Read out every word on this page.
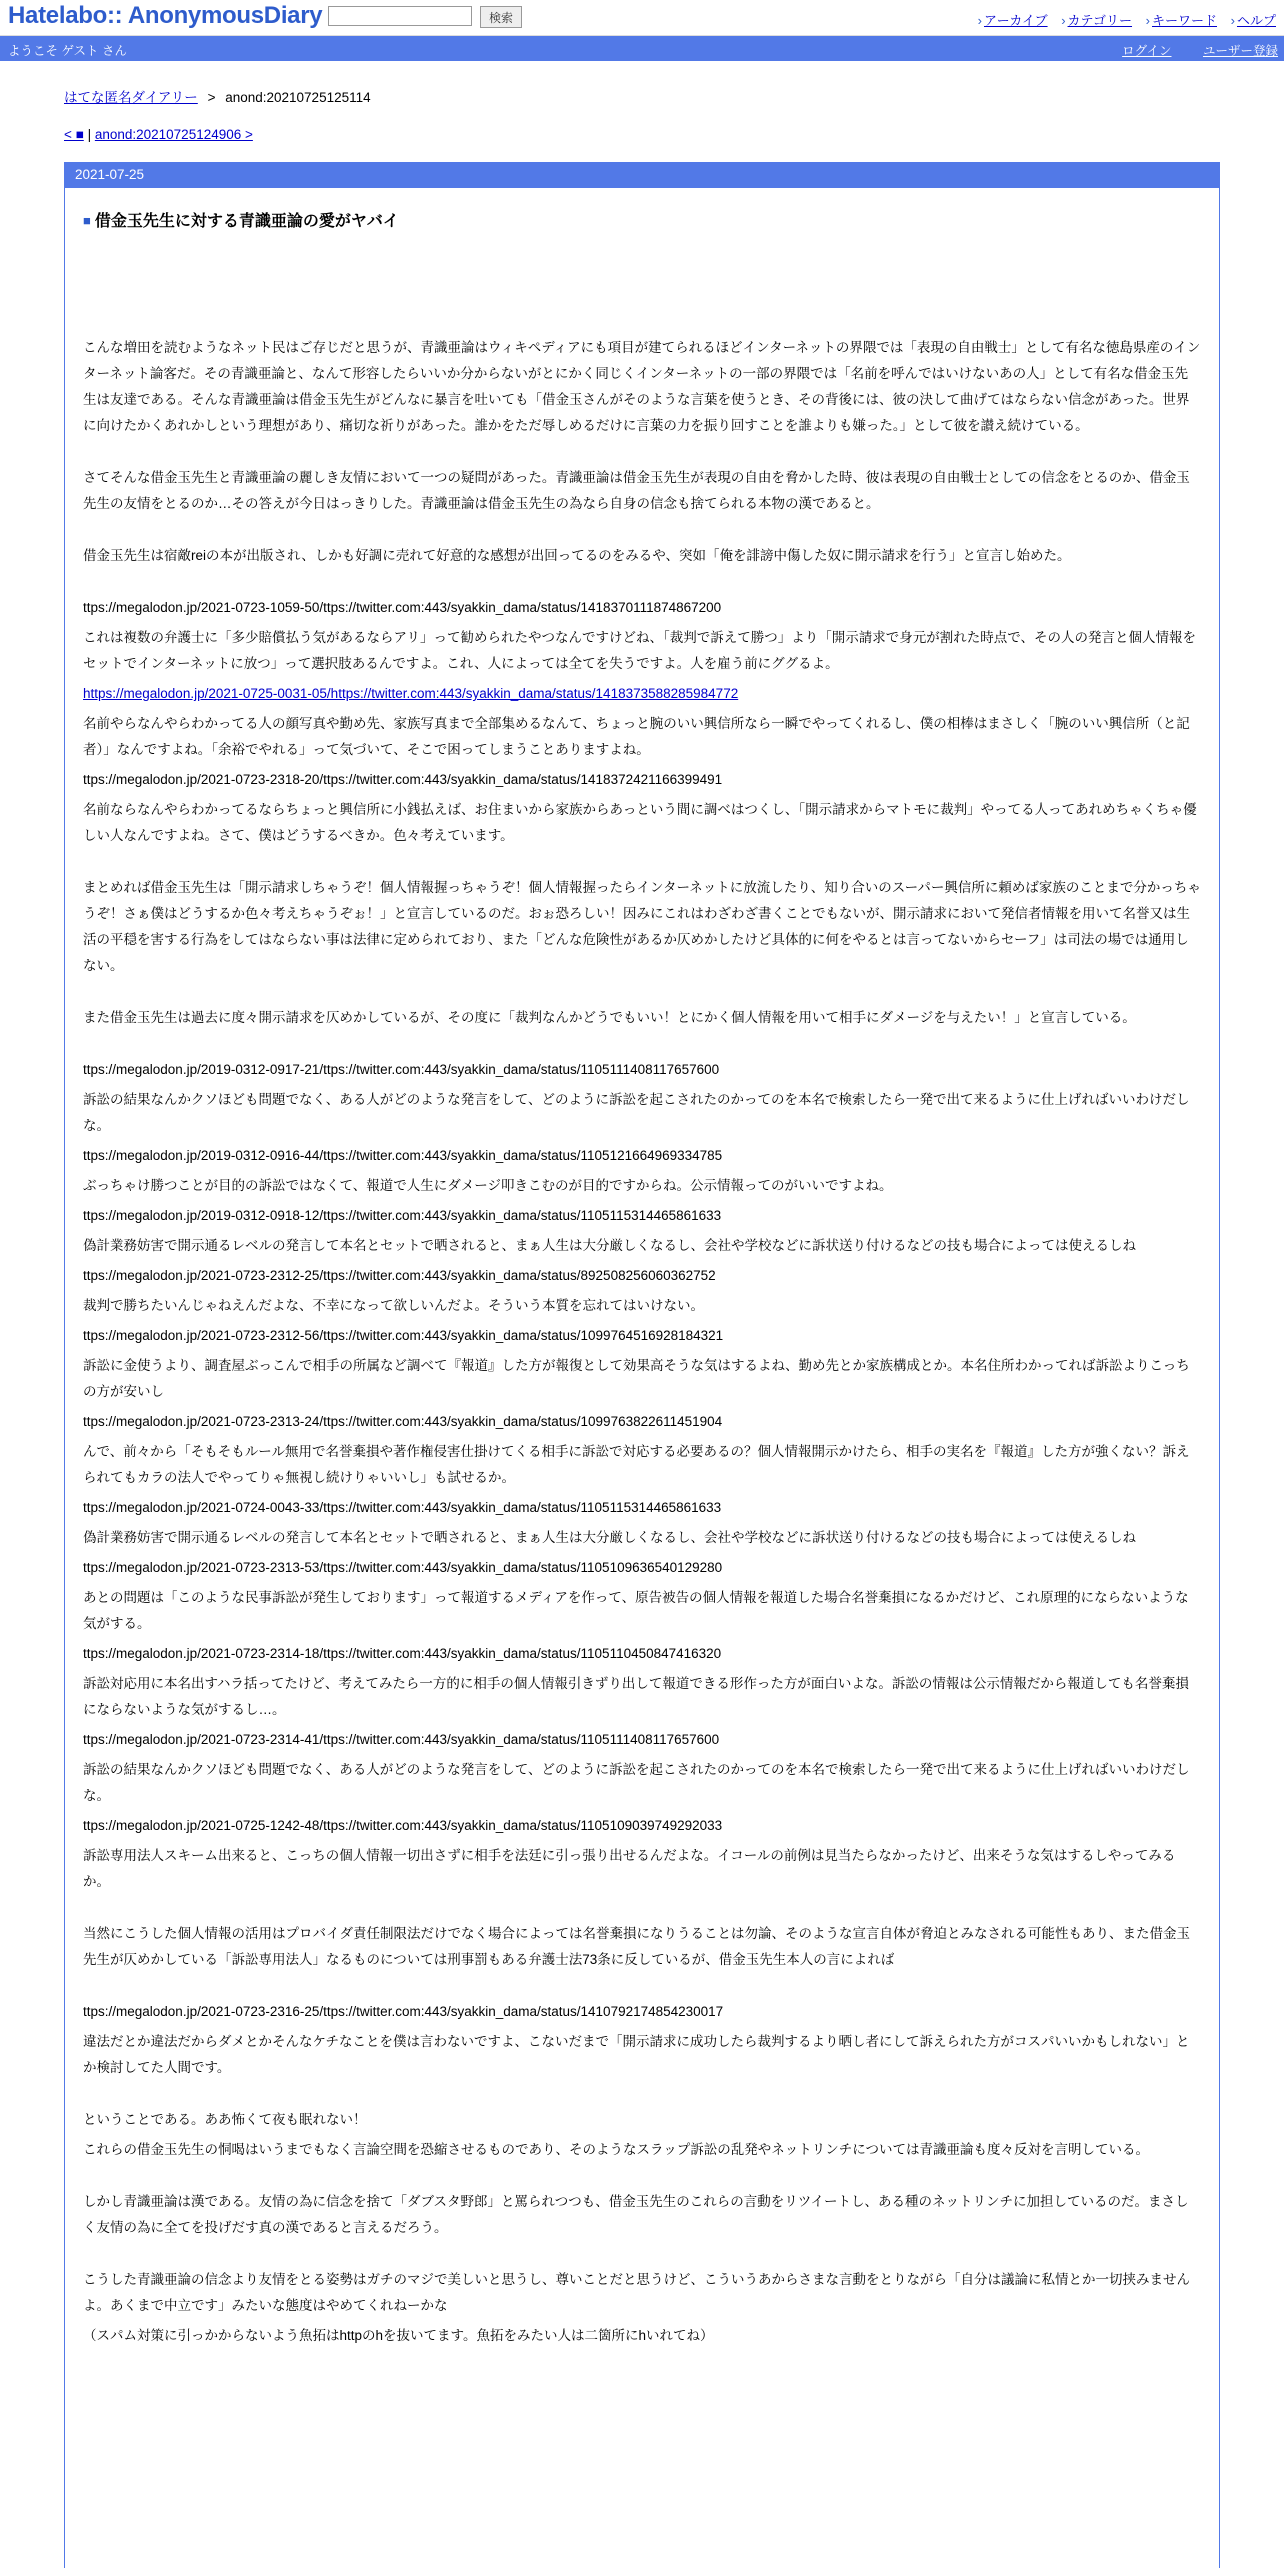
Hatelabo:: AnonymousDiary	検索	› アーカイブ › カテゴリー › キーワード › ヘルプ
ようこそ ゲスト さん	ログイン	ユーザー登録
はてな匿名ダイアリー > anond:20210725125114
< ■ | anond:20210725124906 >
2021-07-25
■ 借金玉先生に対する青識亜論の愛がヤバイ

こんな増田を読むようなネット民はご存じだと思うが、青識亜論はウィキペディアにも項目が建てられるほどインターネットの界隈では「表現の自由戦士」として有名な徳島県産のインターネット論客だ。その青識亜論と、なんて形容したらいいか分からないがとにかく同じくインターネットの一部の界隈では「名前を呼んではいけないあの人」として有名な借金玉先生は友達である。そんな青識亜論は借金玉先生がどんなに暴言を吐いても「借金玉さんがそのような言葉を使うとき、その背後には、彼の決して曲げてはならない信念があった。世界に向けたかくあれかしという理想があり、痛切な祈りがあった。誰かをただ辱しめるだけに言葉の力を振り回すことを誰よりも嫌った。」として彼を讃え続けている。

さてそんな借金玉先生と青識亜論の麗しき友情において一つの疑問があった。青識亜論は借金玉先生が表現の自由を脅かした時、彼は表現の自由戦士としての信念をとるのか、借金玉先生の友情をとるのか…その答えが今日はっきりした。青識亜論は借金玉先生の為なら自身の信念も捨てられる本物の漢であると。

借金玉先生は宿敵reiの本が出版され、しかも好調に売れて好意的な感想が出回ってるのをみるや、突如「俺を誹謗中傷した奴に開示請求を行う」と宣言し始めた。

ttps://megalodon.jp/2021-0723-1059-50/ttps://twitter.com:443/syakkin_dama/status/1418370111874867200

これは複数の弁護士に「多少賠償払う気があるならアリ」って勧められたやつなんですけどね、「裁判で訴えて勝つ」より「開示請求で身元が割れた時点で、その人の発言と個人情報をセットでインターネットに放つ」って選択肢あるんですよ。これ、人によっては全てを失うですよ。人を雇う前にググるよ。

https://megalodon.jp/2021-0725-0031-05/https://twitter.com:443/syakkin_dama/status/1418373588285984772

名前やらなんやらわかってる人の顔写真や勤め先、家族写真まで全部集めるなんて、ちょっと腕のいい興信所なら一瞬でやってくれるし、僕の相棒はまさしく「腕のいい興信所（と記者）」なんですよね。「余裕でやれる」って気づいて、そこで困ってしまうことありますよね。

ttps://megalodon.jp/2021-0723-2318-20/ttps://twitter.com:443/syakkin_dama/status/1418372421166399491

名前ならなんやらわかってるならちょっと興信所に小銭払えば、お住まいから家族からあっという間に調べはつくし、「開示請求からマトモに裁判」やってる人ってあれめちゃくちゃ優しい人なんですよね。さて、僕はどうするべきか。色々考えています。

まとめれば借金玉先生は「開示請求しちゃうぞ！個人情報握っちゃうぞ！個人情報握ったらインターネットに放流したり、知り合いのスーパー興信所に頼めば家族のことまで分かっちゃうぞ！さぁ僕はどうするか色々考えちゃうぞぉ！」と宣言しているのだ。おぉ恐ろしい！因みにこれはわざわざ書くことでもないが、開示請求において発信者情報を用いて名誉又は生活の平穏を害する行為をしてはならない事は法律に定められており、また「どんな危険性があるか仄めかしたけど具体的に何をやるとは言ってないからセーフ」は司法の場では通用しない。

また借金玉先生は過去に度々開示請求を仄めかしているが、その度に「裁判なんかどうでもいい！とにかく個人情報を用いて相手にダメージを与えたい！」と宣言している。

ttps://megalodon.jp/2019-0312-0917-21/ttps://twitter.com:443/syakkin_dama/status/1105111408117657600

訴訟の結果なんかクソほども問題でなく、ある人がどのような発言をして、どのように訴訟を起こされたのかってのを本名で検索したら一発で出て来るように仕上げればいいわけだしな。

ttps://megalodon.jp/2019-0312-0916-44/ttps://twitter.com:443/syakkin_dama/status/1105121664969334785

ぶっちゃけ勝つことが目的の訴訟ではなくて、報道で人生にダメージ叩きこむのが目的ですからね。公示情報ってのがいいですよね。

ttps://megalodon.jp/2019-0312-0918-12/ttps://twitter.com:443/syakkin_dama/status/1105115314465861633

偽計業務妨害で開示通るレベルの発言して本名とセットで晒されると、まぁ人生は大分厳しくなるし、会社や学校などに訴状送り付けるなどの技も場合によっては使えるしね

ttps://megalodon.jp/2021-0723-2312-25/ttps://twitter.com:443/syakkin_dama/status/892508256060362752

裁判で勝ちたいんじゃねえんだよな、不幸になって欲しいんだよ。そういう本質を忘れてはいけない。

ttps://megalodon.jp/2021-0723-2312-56/ttps://twitter.com:443/syakkin_dama/status/1099764516928184321

訴訟に金使うより、調査屋ぶっこんで相手の所属など調べて『報道』した方が報復として効果高そうな気はするよね、勤め先とか家族構成とか。本名住所わかってれば訴訟よりこっちの方が安いし

ttps://megalodon.jp/2021-0723-2313-24/ttps://twitter.com:443/syakkin_dama/status/1099763822611451904

んで、前々から「そもそもルール無用で名誉棄損や著作権侵害仕掛けてくる相手に訴訟で対応する必要あるの？個人情報開示かけたら、相手の実名を『報道』した方が強くない？訴えられてもカラの法人でやってりゃ無視し続けりゃいいし」も試せるか。

ttps://megalodon.jp/2021-0724-0043-33/ttps://twitter.com:443/syakkin_dama/status/1105115314465861633

偽計業務妨害で開示通るレベルの発言して本名とセットで晒されると、まぁ人生は大分厳しくなるし、会社や学校などに訴状送り付けるなどの技も場合によっては使えるしね

ttps://megalodon.jp/2021-0723-2313-53/ttps://twitter.com:443/syakkin_dama/status/1105109636540129280

あとの問題は「このような民事訴訟が発生しております」って報道するメディアを作って、原告被告の個人情報を報道した場合名誉棄損になるかだけど、これ原理的にならないような気がする。

ttps://megalodon.jp/2021-0723-2314-18/ttps://twitter.com:443/syakkin_dama/status/1105110450847416320

訴訟対応用に本名出すハラ括ってたけど、考えてみたら一方的に相手の個人情報引きずり出して報道できる形作った方が面白いよな。訴訟の情報は公示情報だから報道しても名誉棄損にならないような気がするし…。

ttps://megalodon.jp/2021-0723-2314-41/ttps://twitter.com:443/syakkin_dama/status/1105111408117657600

訴訟の結果なんかクソほども問題でなく、ある人がどのような発言をして、どのように訴訟を起こされたのかってのを本名で検索したら一発で出て来るように仕上げればいいわけだしな。

ttps://megalodon.jp/2021-0725-1242-48/ttps://twitter.com:443/syakkin_dama/status/1105109039749292033

訴訟専用法人スキーム出来ると、こっちの個人情報一切出さずに相手を法廷に引っ張り出せるんだよな。イコールの前例は見当たらなかったけど、出来そうな気はするしやってみるか。

当然にこうした個人情報の活用はプロバイダ責任制限法だけでなく場合によっては名誉棄損になりうることは勿論、そのような宣言自体が脅迫とみなされる可能性もあり、また借金玉先生が仄めかしている「訴訟専用法人」なるものについては刑事罰もある弁護士法73条に反しているが、借金玉先生本人の言によれば

ttps://megalodon.jp/2021-0723-2316-25/ttps://twitter.com:443/syakkin_dama/status/1410792174854230017

違法だとか違法だからダメとかそんなケチなことを僕は言わないですよ、こないだまで「開示請求に成功したら裁判するより晒し者にして訴えられた方がコスパいいかもしれない」とか検討してた人間です。

ということである。ああ怖くて夜も眠れない！

これらの借金玉先生の恫喝はいうまでもなく言論空間を恐縮させるものであり、そのようなスラップ訴訟の乱発やネットリンチについては青識亜論も度々反対を言明している。

しかし青識亜論は漢である。友情の為に信念を捨て「ダブスタ野郎」と罵られつつも、借金玉先生のこれらの言動をリツイートし、ある種のネットリンチに加担しているのだ。まさしく友情の為に全てを投げだす真の漢であると言えるだろう。

こうした青識亜論の信念より友情をとる姿勢はガチのマジで美しいと思うし、尊いことだと思うけど、こういうあからさまな言動をとりながら「自分は議論に私情とか一切挟みませんよ。あくまで中立です」みたいな態度はやめてくれねーかな

（スパム対策に引っかからないよう魚拓はhttpのhを抜いてます。魚拓をみたい人は二箇所にhいれてね）
